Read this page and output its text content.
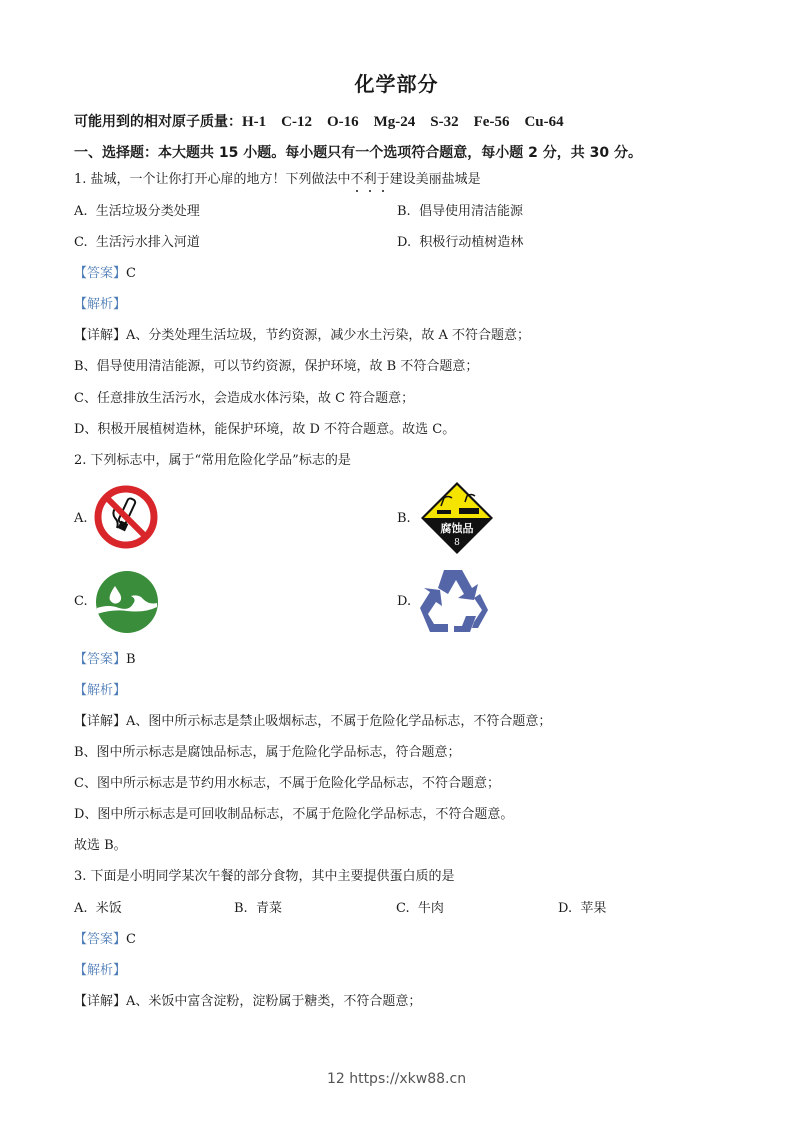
化学部分
可能用到的相对原子质量：H-1    C-12    O-16    Mg-24    S-32    Fe-56    Cu-64
一、选择题：本大题共 15 小题。每小题只有一个选项符合题意，每小题 2 分，共 30 分。
1. 盐城，一个让你打开心扉的地方！下列做法中不利于建设美丽盐城是
A. 生活垃圾分类处理	B. 倡导使用清洁能源
C. 生活污水排入河道	D. 积极行动植树造林
【答案】C
【解析】
【详解】A、分类处理生活垃圾，节约资源，减少水土污染，故 A 不符合题意；
B、倡导使用清洁能源，可以节约资源，保护环境，故 B 不符合题意；
C、任意排放生活污水，会造成水体污染，故 C 符合题意；
D、积极开展植树造林，能保护环境，故 D 不符合题意。故选 C。
2. 下列标志中，属于“常用危险化学品”标志的是
A.	B.
腐蚀品
8
C.	D.
【答案】B
【解析】
【详解】A、图中所示标志是禁止吸烟标志，不属于危险化学品标志，不符合题意；
B、图中所示标志是腐蚀品标志，属于危险化学品标志，符合题意；
C、图中所示标志是节约用水标志，不属于危险化学品标志，不符合题意；
D、图中所示标志是可回收制品标志，不属于危险化学品标志，不符合题意。
故选 B。
3. 下面是小明同学某次午餐的部分食物，其中主要提供蛋白质的是
A. 米饭	B. 青菜	C. 牛肉	D. 苹果
【答案】C
【解析】
【详解】A、米饭中富含淀粉，淀粉属于糖类，不符合题意；
12 https://xkw88.cn
